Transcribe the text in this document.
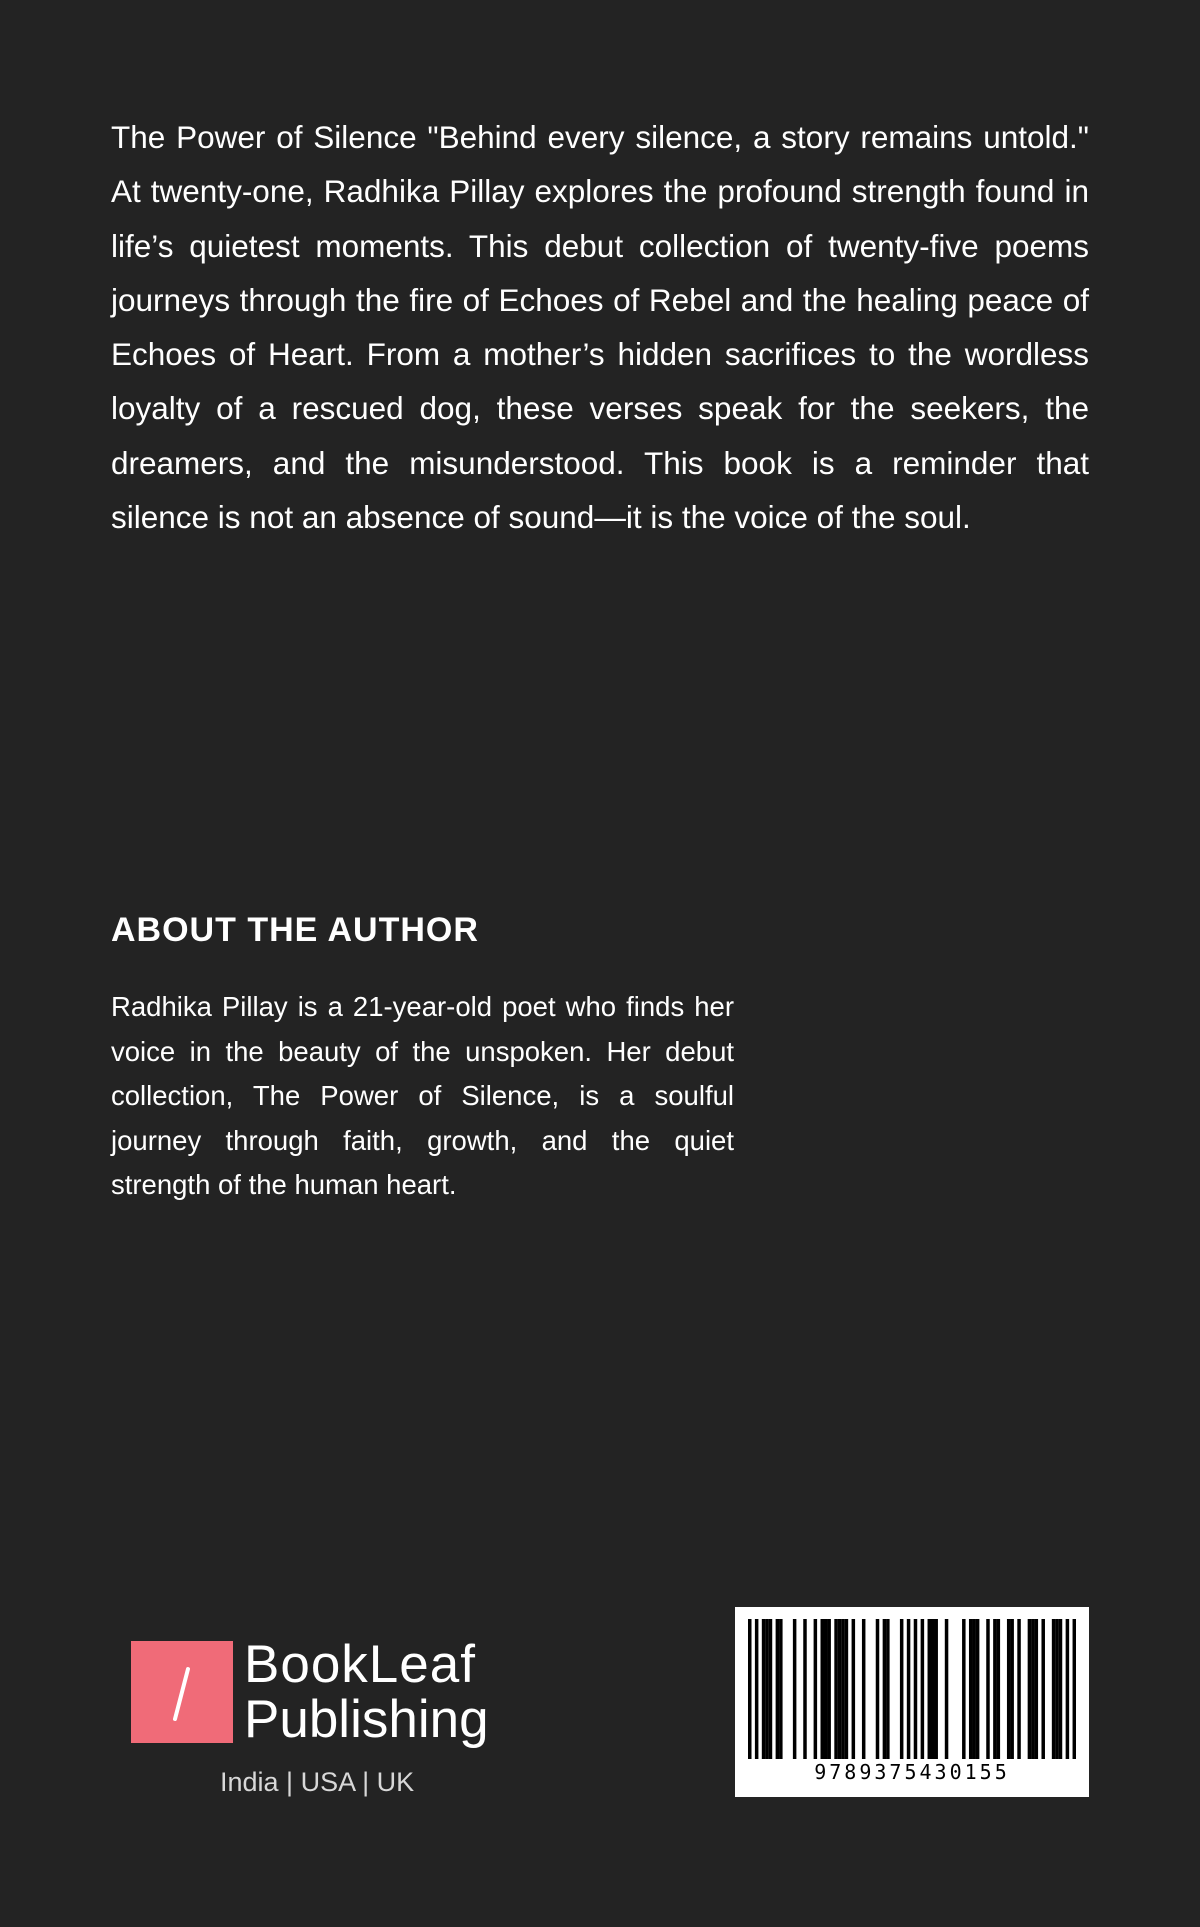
The Power of Silence "Behind every silence, a story remains untold." At twenty-one, Radhika Pillay explores the profound strength found in life’s quietest moments. This debut collection of twenty-five poems journeys through the fire of Echoes of Rebel and the healing peace of Echoes of Heart. From a mother’s hidden sacrifices to the wordless loyalty of a rescued dog, these verses speak for the seekers, the dreamers, and the misunderstood. This book is a reminder that silence is not an absence of sound—it is the voice of the soul.

ABOUT THE AUTHOR

Radhika Pillay is a 21-year-old poet who finds her voice in the beauty of the unspoken. Her debut collection, The Power of Silence, is a soulful journey through faith, growth, and the quiet strength of the human heart.

BookLeaf
Publishing
India | USA | UK	9789375430155
